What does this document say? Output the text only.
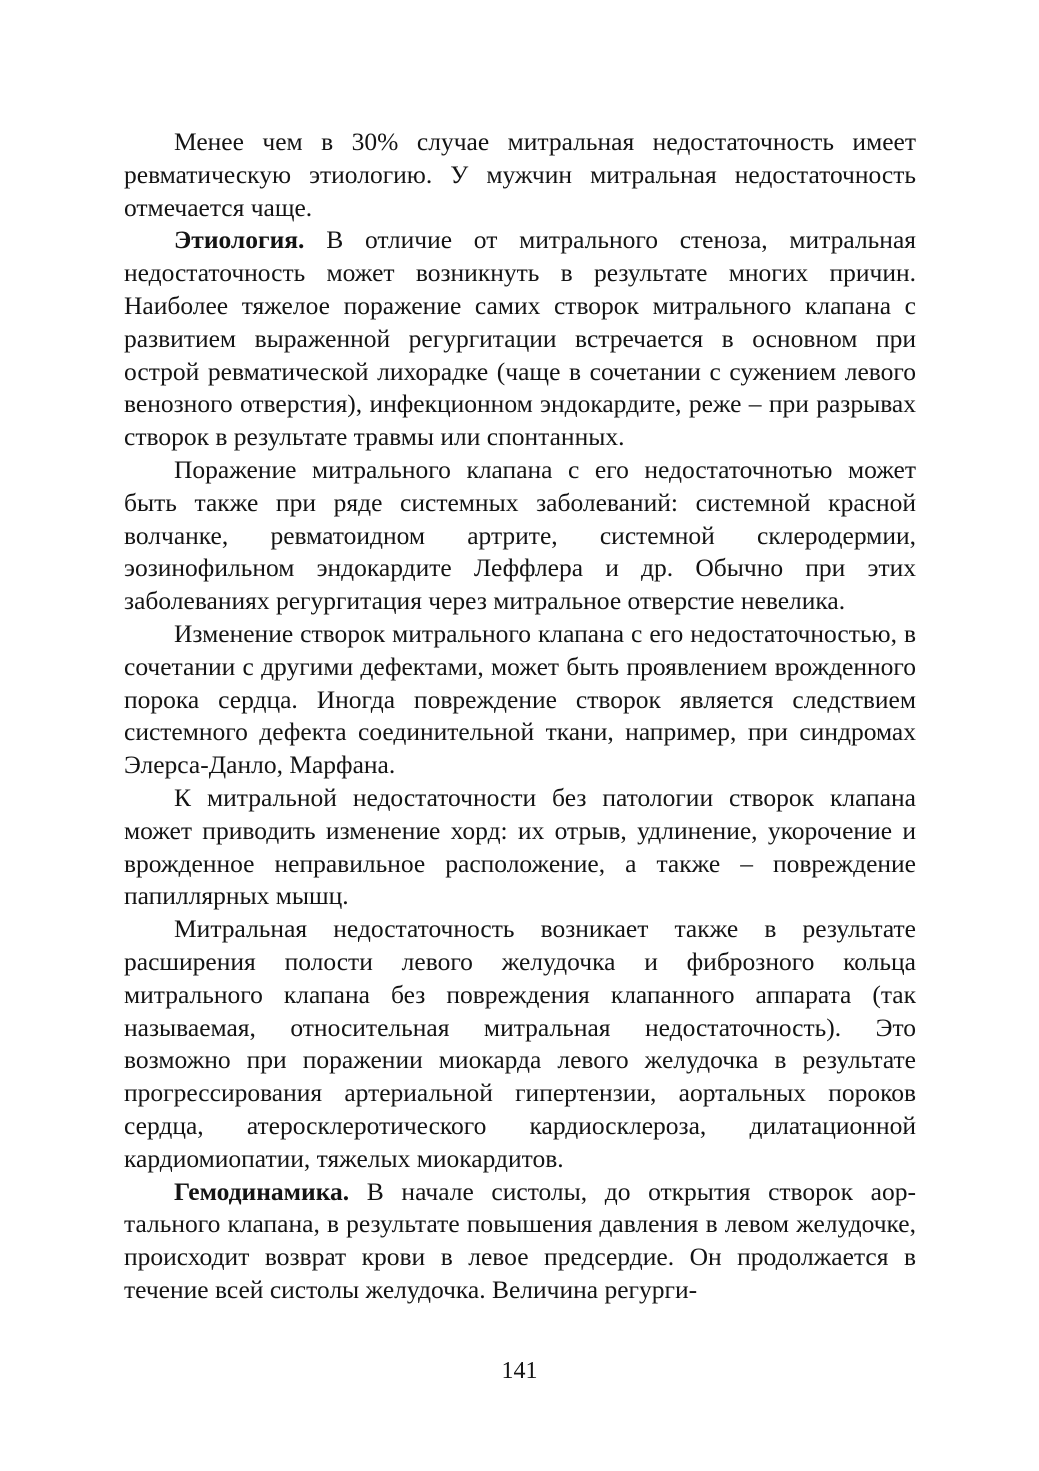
Менее чем в 30% случае митральная недостаточность имеет ревматическую этиологию. У мужчин митральная недостаточность отмечается чаще.

Этиология. В отличие от митрального стеноза, митральная недостаточность может возникнуть в результате многих причин. Наиболее тяжелое поражение самих створок митрального клапана с развитием выраженной регургитации встречается в основном при острой ревматической лихорадке (чаще в сочетании с сужением левого венозного отверстия), инфекционном эндокардите, реже – при разрывах створок в результате травмы или спонтанных.

Поражение митрального клапана с его недостаточнотью может быть также при ряде системных заболеваний: системной красной волчанке, ревматоидном артрите, системной склеродермии, эозинофильном эндокардите Леффлера и др. Обычно при этих заболеваниях регургитация через митральное отверстие невелика.

Изменение створок митрального клапана с его недостаточностью, в сочетании с другими дефектами, может быть проявлением врожденного порока сердца. Иногда повреждение створок является следствием системного дефекта соединительной ткани, например, при синдромах Элерса-Данло, Марфана.

К митральной недостаточности без патологии створок клапана может приводить изменение хорд: их отрыв, удлинение, укорочение и врожденное неправильное расположение, а также – повреждение папиллярных мышц.

Митральная недостаточность возникает также в результате расширения полости левого желудочка и фиброзного кольца митрального клапана без повреждения клапанного аппарата (так называемая, относительная митральная недостаточность). Это возможно при поражении миокарда левого желудочка в результате прогрессирования артериальной гипертензии, аортальных пороков сердца, атеросклеротического кардиосклероза, дилатационной кардиомиопатии, тяжелых миокардитов.

Гемодинамика. В начале систолы, до открытия створок аортального клапана, в результате повышения давления в левом желудочке, происходит возврат крови в левое предсердие. Он продолжается в течение всей систолы желудочка. Величина регурги-

141
